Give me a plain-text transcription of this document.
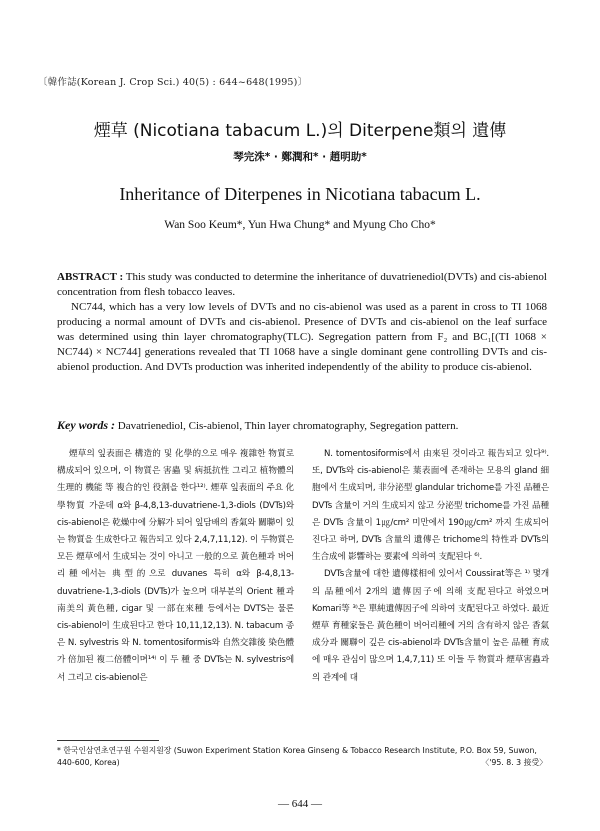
〔韓作誌(Korean J. Crop Sci.) 40(5) : 644~648(1995)〕
煙草 (Nicotiana tabacum L.)의 Diterpene類의 遺傳
琴完洙* · 鄭潤和* · 趙明助*
Inheritance of Diterpenes in Nicotiana tabacum L.
Wan Soo Keum*, Yun Hwa Chung* and Myung Cho Cho*

ABSTRACT : This study was conducted to determine the inheritance of duvatrienediol(DVTs) and cis-abienol concentration from flesh tobacco leaves.

NC744, which has a very low levels of DVTs and no cis-abienol was used as a parent in cross to TI 1068 producing a normal amount of DVTs and cis-abienol. Presence of DVTs and cis-abienol on the leaf surface was determined using thin layer chromatography(TLC). Segregation pattern from F₂ and BC₁[(TI 1068 × NC744) × NC744] generations revealed that TI 1068 have a single dominant gene controlling DVTs and cis-abienol production. And DVTs production was inherited independently of the ability to produce cis-abienol.

Key words : Davatrienediol, Cis-abienol, Thin layer chromatography, Segregation pattern.

煙草의 잎表面은 構造的 및 化學的으로 매우 複雜한 物質로 構成되어 있으며, 이 物質은 害蟲 및 病抵抗性 그리고 植物體의 生理的 機能 等 複合的인 役割을 한다¹²⁾. 煙草 잎表面의 주요 化學物質 가운데 α와 β-4,8,13-duvatriene-1,3-diols (DVTs)와 cis-abienol은 乾燥中에 分解가 되어 잎담배의 香氣와 關聯이 있는 物質을 生成한다고 報告되고 있다 2,4,7,11,12). 이 두物質은 모든 煙草에서 生成되는 것이 아니고 一般的으로 黃色種과 버어리種에서는 典型的으로 duvanes 특히 α와 β-4,8,13-duvatriene-1,3-diols (DVTs)가 높으며 대부분의 Orient 種과 南美의 黃色種, cigar 및 一部在來種 등에서는 DVTS는 물론 cis-abienol이 生成된다고 한다 10,11,12,13). N. tabacum 종은 N. sylvestris 와 N. tomentosiformis와 自然交雜後 染色體가 倍加된 複二倍體이며¹⁴⁾ 이 두 種 중 DVTs는 N. sylvestris에서 그리고 cis-abienol은

N. tomentosiformis에서 由來된 것이라고 報告되고 있다⁹⁾. 또, DVTs와 cis-abienol은 葉表面에 존재하는 모용의 gland 細胞에서 生成되며, 非分泌型 glandular trichome를 가진 品種은 DVTs 含量이 거의 生成되지 않고 分泌型 trichome를 가진 品種은 DVTs 含量이 1㎍/cm² 미만에서 190㎍/cm² 까지 生成되어 진다고 하며, DVTs 含量의 遺傳은 trichome의 特性과 DVTs의 生合成에 影響하는 要素에 의하여 支配된다 ⁶⁾.

DVTs含量에 대한 遺傳樣相에 있어서 Coussirat等은 ¹⁾ 몇개의 品種에서 2개의 遺傳因子에 의해 支配된다고 하였으며 Komari等 ³⁾은 單純遺傳因子에 의하여 支配된다고 하였다. 最近 煙草 育種家들은 黃色種이 버어리種에 거의 含有하지 않은 香氣成分과 關聯이 깊은 cis-abienol과 DVTs含量이 높은 品種 育成에 매우 관심이 많으며 1,4,7,11) 또 이들 두 物質과 煙草害蟲과의 관계에 대

* 한국인삼연초연구원 수원지원장 (Suwon Experiment Station Korea Ginseng & Tobacco Research Institute, P.O. Box 59, Suwon, 440-600, Korea)	〈'95. 8. 3 接受〉
— 644 —
